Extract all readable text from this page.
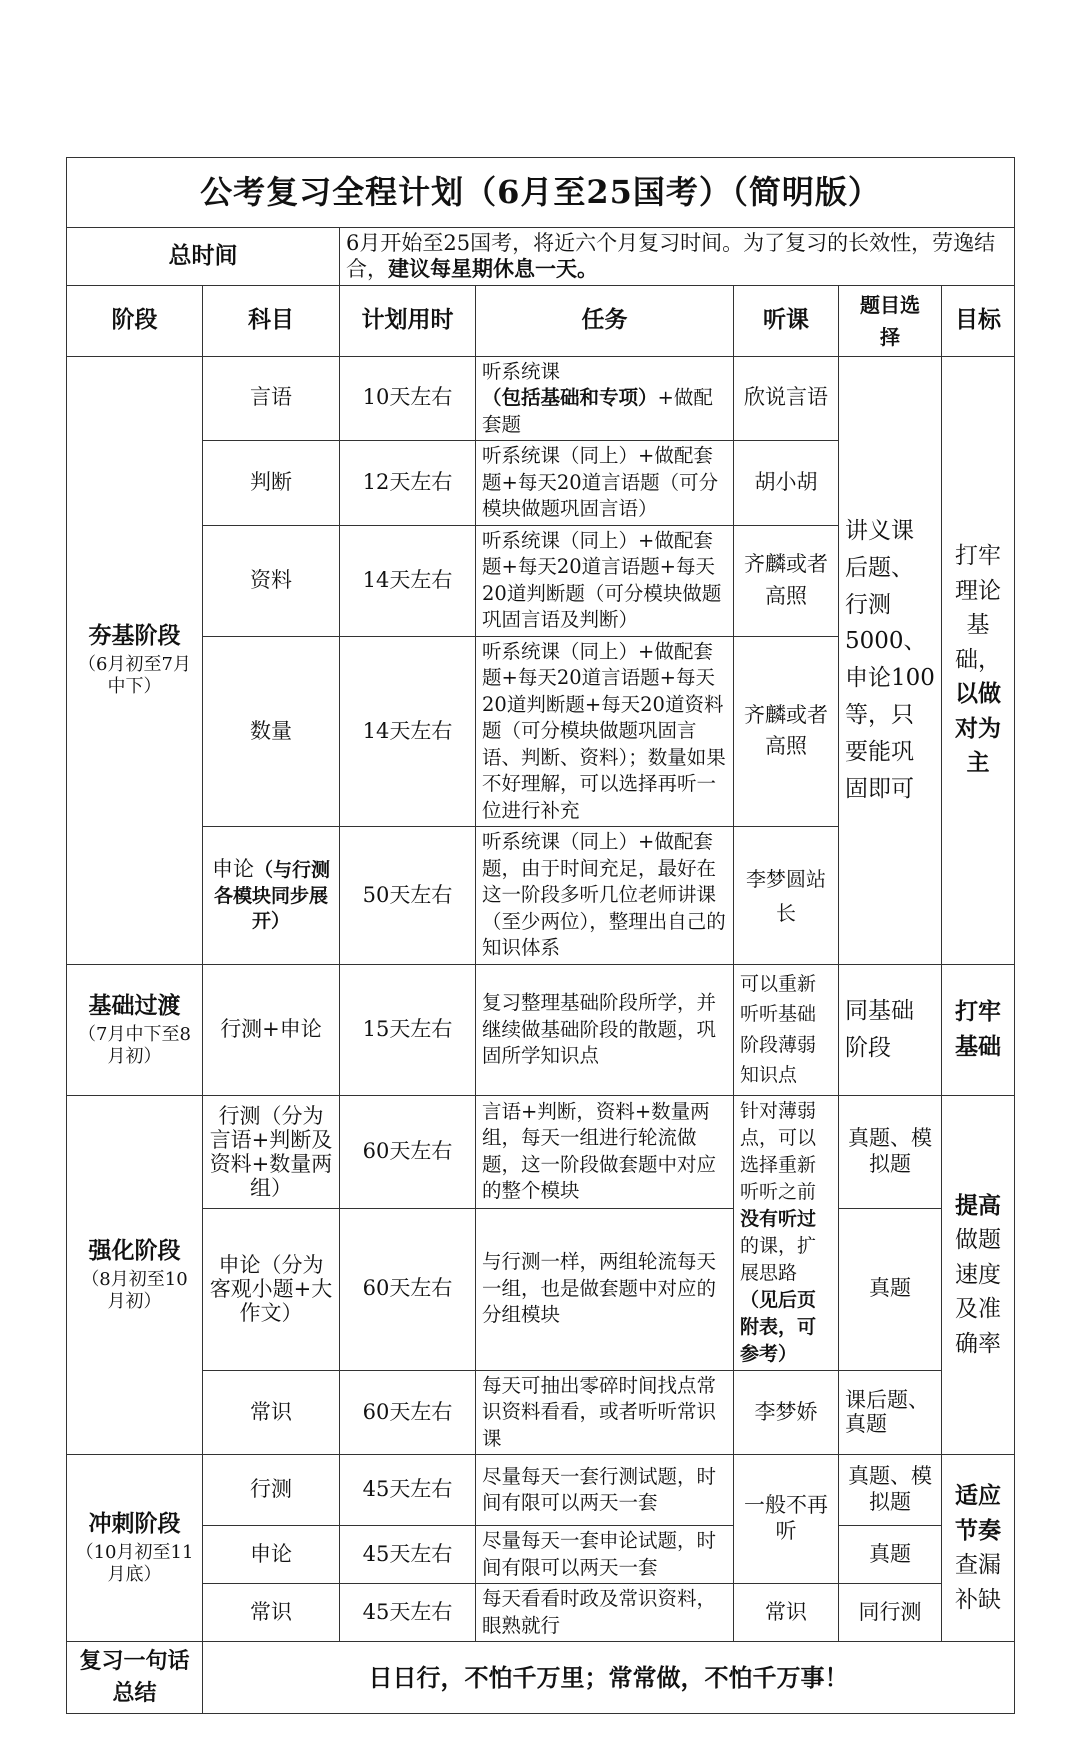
公考复习全程计划（6月至25国考）（简明版）						
总时间		6月开始至25国考，将近六个月复习时间。为了复习的长效性，劳逸结合，建议每星期休息一天。				
阶段	科目	计划用时	任务	听课	题目选择	目标

夯基阶段
（6月初至7月中下）	言语	10天左右	听系统课（包括基础和专项）+做配套题	欣说言语	讲义课后题、行测5000、申论100等，只要能巩固即可	打牢理论基础，以做对为主
	判断	12天左右	听系统课（同上）+做配套题+每天20道言语题（可分模块做题巩固言语）	胡小胡		
	资料	14天左右	听系统课（同上）+做配套题+每天20道言语题+每天20道判断题（可分模块做题巩固言语及判断）	齐麟或者高照		
	数量	14天左右	听系统课（同上）+做配套题+每天20道言语题+每天20道判断题+每天20道资料题（可分模块做题巩固言语、判断、资料）；数量如果不好理解，可以选择再听一位进行补充	齐麟或者高照		
	申论（与行测各模块同步展开）	50天左右	听系统课（同上）+做配套题，由于时间充足，最好在这一阶段多听几位老师讲课（至少两位），整理出自己的知识体系	李梦圆站长		

基础过渡
（7月中下至8月初）	行测+申论	15天左右	复习整理基础阶段所学，并继续做基础阶段的散题，巩固所学知识点	可以重新听听基础阶段薄弱知识点	同基础阶段	打牢基础

强化阶段
（8月初至10月初）	行测（分为言语+判断及资料+数量两组）	60天左右	言语+判断，资料+数量两组，每天一组进行轮流做题，这一阶段做套题中对应的整个模块	针对薄弱点，可以选择重新听听之前没有听过的课，扩展思路（见后页附表，可参考）	真题、模拟题	提高做题速度及准确率
	申论（分为客观小题+大作文）	60天左右	与行测一样，两组轮流每天一组，也是做套题中对应的分组模块		真题	
	常识	60天左右	每天可抽出零碎时间找点常识资料看看，或者听听常识课	李梦娇	课后题、真题	

冲刺阶段
（10月初至11月底）	行测	45天左右	尽量每天一套行测试题，时间有限可以两天一套	一般不再听	真题、模拟题	适应节奏查漏补缺
	申论	45天左右	尽量每天一套申论试题，时间有限可以两天一套		真题	
	常识	45天左右	每天看看时政及常识资料，眼熟就行	常识	同行测	
复习一句话总结	日日行，不怕千万里；常常做，不怕千万事！					
